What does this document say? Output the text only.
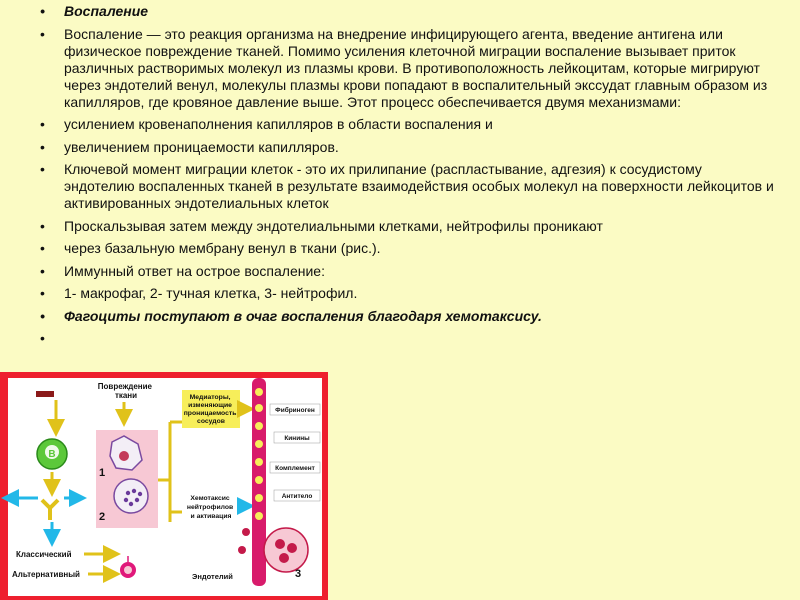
• Воспаление
• Воспаление — это реакция организма на внедрение инфицирующего агента, введение антигена или физическое повреждение тканей. Помимо усиления клеточной миграции воспаление вызывает приток различных растворимых молекул из плазмы крови. В противоположность лейкоцитам, которые мигрируют через эндотелий венул, молекулы плазмы крови попадают в воспалительный экссудат главным образом из капилляров, где кровяное давление выше. Этот процесс обеспечивается двумя механизмами:
• усилением кровенаполнения капилляров в области воспаления и
• увеличением проницаемости капилляров.
• Ключевой момент миграции клеток - это их прилипание (распластывание, адгезия) к сосудистому эндотелию воспаленных тканей в результате взаимодействия особых молекул на поверхности лейкоцитов и активированных эндотелиальных клеток
• Проскальзывая затем между эндотелиальными клетками, нейтрофилы проникают
• через базальную мембрану венул в ткани (рис.).
• Иммунный ответ на острое воспаление:
• 1- макрофаг, 2- тучная клетка, 3- нейтрофил.
• Фагоциты поступают в очаг воспаления благодаря хемотаксису.
B
Повреждение ткани
1
2
Медиаторы, изменяющие проницаемость сосудов
Хемотаксис нейтрофилов и активация
Классический
Альтернативный
Фибриноген
Кинины
Комплемент
Антитело
3
Эндотелий
